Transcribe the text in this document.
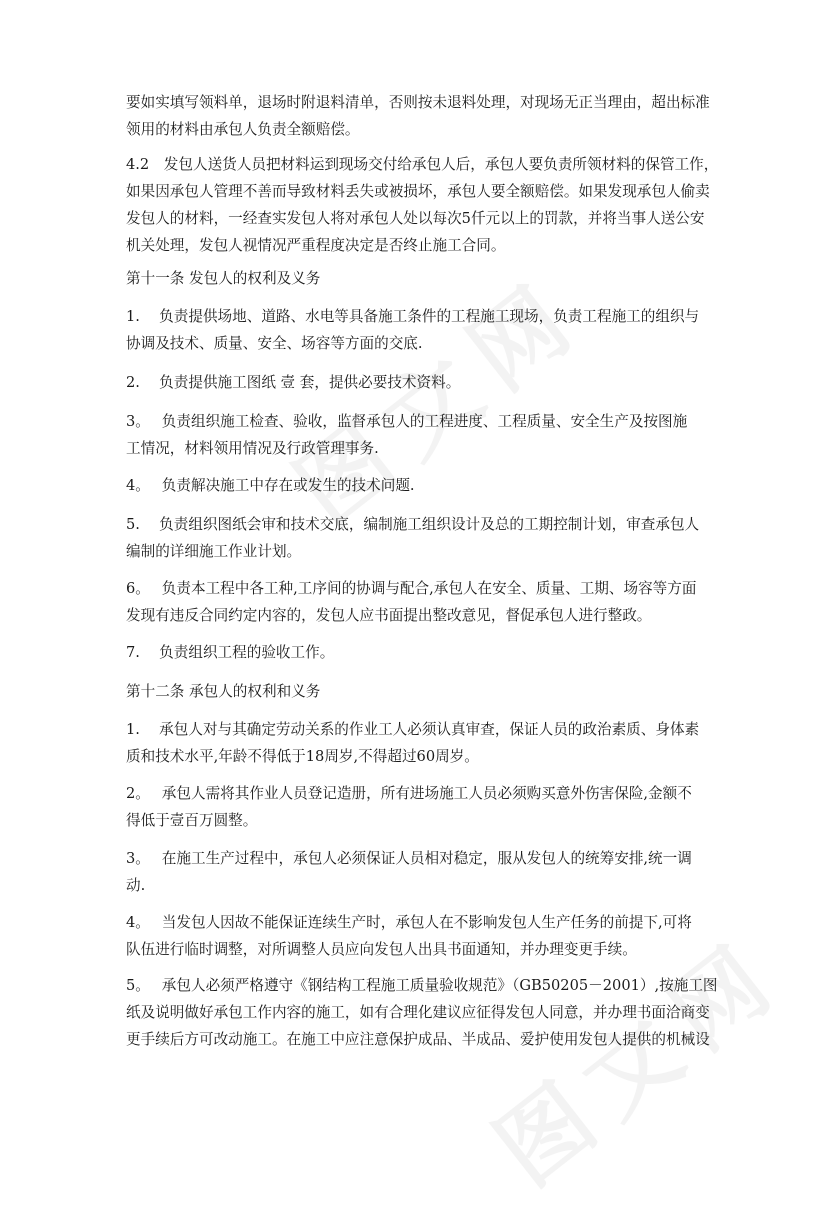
要如实填写领料单，退场时附退料清单，否则按未退料处理，对现场无正当理由，超出标准
领用的材料由承包人负责全额赔偿。

4.2　发包人送货人员把材料运到现场交付给承包人后，承包人要负责所领材料的保管工作，
如果因承包人管理不善而导致材料丢失或被损坏，承包人要全额赔偿。如果发现承包人偷卖
发包人的材料，一经查实发包人将对承包人处以每次5仟元以上的罚款，并将当事人送公安
机关处理，发包人视情况严重程度决定是否终止施工合同。

第十一条 发包人的权利及义务

1.　 负责提供场地、道路、水电等具备施工条件的工程施工现场，负责工程施工的组织与
协调及技术、质量、安全、场容等方面的交底.

2.　 负责提供施工图纸 壹 套，提供必要技术资料。

3。　 负责组织施工检查、验收，监督承包人的工程进度、工程质量、安全生产及按图施
工情况，材料领用情况及行政管理事务.

4。　 负责解决施工中存在或发生的技术问题.

5.　 负责组织图纸会审和技术交底，编制施工组织设计及总的工期控制计划，审查承包人
编制的详细施工作业计划。

6。　 负责本工程中各工种,工序间的协调与配合,承包人在安全、质量、工期、场容等方面
发现有违反合同约定内容的，发包人应书面提出整改意见，督促承包人进行整政。

7.　 负责组织工程的验收工作。

第十二条 承包人的权利和义务

1.　 承包人对与其确定劳动关系的作业工人必须认真审查，保证人员的政治素质、身体素
质和技术水平,年龄不得低于18周岁,不得超过60周岁。

2。　 承包人需将其作业人员登记造册，所有进场施工人员必须购买意外伤害保险,金额不
得低于壹百万圆整。

3。　 在施工生产过程中，承包人必须保证人员相对稳定，服从发包人的统筹安排,统一调
动.

4。　 当发包人因故不能保证连续生产时，承包人在不影响发包人生产任务的前提下,可将
队伍进行临时调整，对所调整人员应向发包人出具书面通知，并办理变更手续。

5。　 承包人必须严格遵守《钢结构工程施工质量验收规范》（GB50205－2001）,按施工图
纸及说明做好承包工作内容的施工，如有合理化建议应征得发包人同意，并办理书面洽商变
更手续后方可改动施工。在施工中应注意保护成品、半成品、爱护使用发包人提供的机械设
